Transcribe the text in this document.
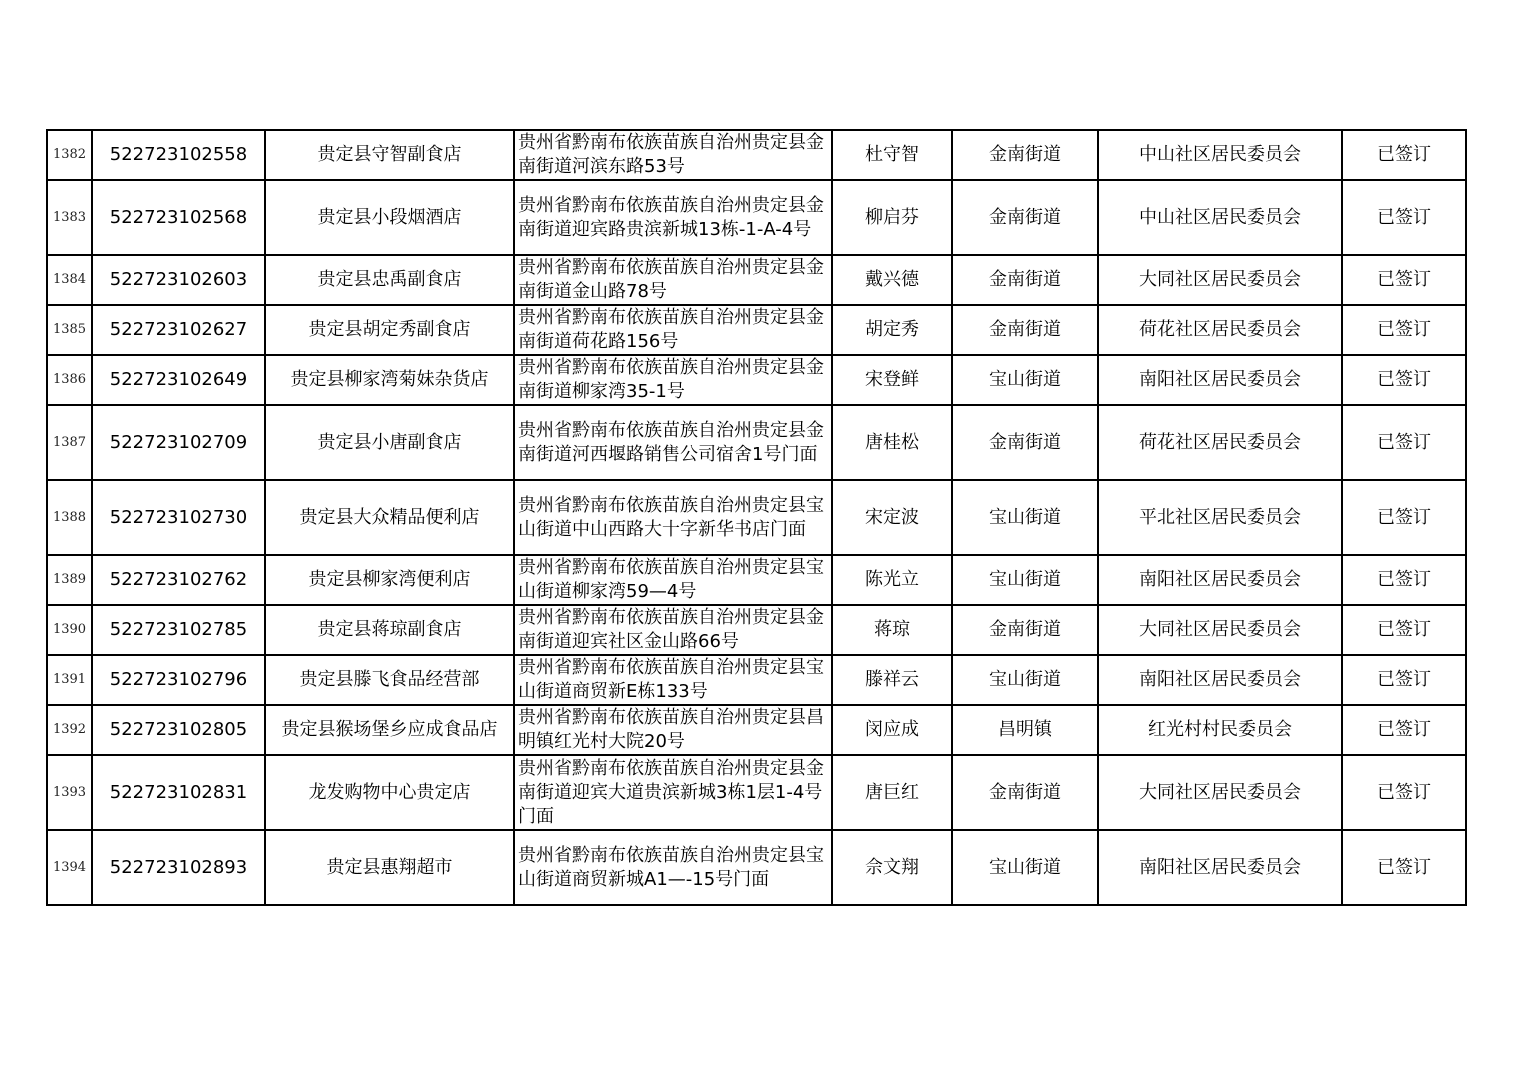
1382	522723102558	贵定县守智副食店	贵州省黔南布依族苗族自治州贵定县金南街道河滨东路53号	杜守智	金南街道	中山社区居民委员会	已签订
1383	522723102568	贵定县小段烟酒店	贵州省黔南布依族苗族自治州贵定县金南街道迎宾路贵滨新城13栋-1-A-4号	柳启芬	金南街道	中山社区居民委员会	已签订
1384	522723102603	贵定县忠禹副食店	贵州省黔南布依族苗族自治州贵定县金南街道金山路78号	戴兴德	金南街道	大同社区居民委员会	已签订
1385	522723102627	贵定县胡定秀副食店	贵州省黔南布依族苗族自治州贵定县金南街道荷花路156号	胡定秀	金南街道	荷花社区居民委员会	已签订
1386	522723102649	贵定县柳家湾菊妹杂货店	贵州省黔南布依族苗族自治州贵定县金南街道柳家湾35-1号	宋登鲜	宝山街道	南阳社区居民委员会	已签订
1387	522723102709	贵定县小唐副食店	贵州省黔南布依族苗族自治州贵定县金南街道河西堰路销售公司宿舍1号门面	唐桂松	金南街道	荷花社区居民委员会	已签订
1388	522723102730	贵定县大众精品便利店	贵州省黔南布依族苗族自治州贵定县宝山街道中山西路大十字新华书店门面	宋定波	宝山街道	平北社区居民委员会	已签订
1389	522723102762	贵定县柳家湾便利店	贵州省黔南布依族苗族自治州贵定县宝山街道柳家湾59—4号	陈光立	宝山街道	南阳社区居民委员会	已签订
1390	522723102785	贵定县蒋琼副食店	贵州省黔南布依族苗族自治州贵定县金南街道迎宾社区金山路66号	蒋琼	金南街道	大同社区居民委员会	已签订
1391	522723102796	贵定县滕飞食品经营部	贵州省黔南布依族苗族自治州贵定县宝山街道商贸新E栋133号	滕祥云	宝山街道	南阳社区居民委员会	已签订
1392	522723102805	贵定县猴场堡乡应成食品店	贵州省黔南布依族苗族自治州贵定县昌明镇红光村大院20号	闵应成	昌明镇	红光村村民委员会	已签订
1393	522723102831	龙发购物中心贵定店	贵州省黔南布依族苗族自治州贵定县金南街道迎宾大道贵滨新城3栋1层1-4号门面	唐巨红	金南街道	大同社区居民委员会	已签订
1394	522723102893	贵定县惠翔超市	贵州省黔南布依族苗族自治州贵定县宝山街道商贸新城A1—-15号门面	佘文翔	宝山街道	南阳社区居民委员会	已签订
